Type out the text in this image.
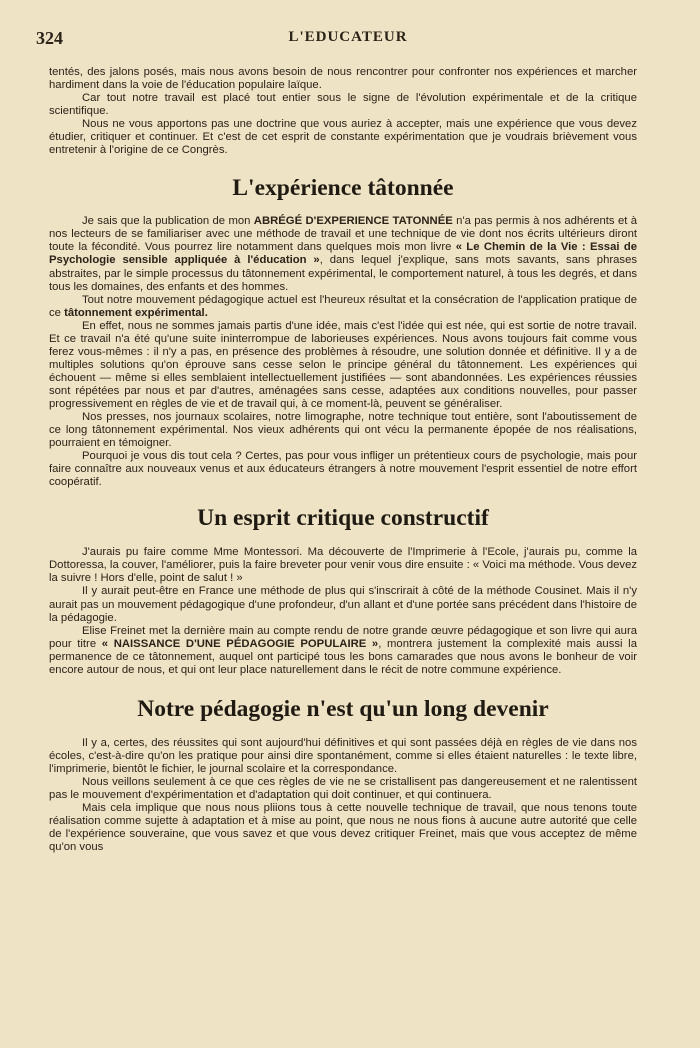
324	L'EDUCATEUR

tentés, des jalons posés, mais nous avons besoin de nous rencontrer pour confronter nos expériences et marcher hardiment dans la voie de l'éducation populaire laïque.

Car tout notre travail est placé tout entier sous le signe de l'évolution expérimentale et de la critique scientifique.

Nous ne vous apportons pas une doctrine que vous auriez à accepter, mais une expérience que vous devez étudier, critiquer et continuer. Et c'est de cet esprit de constante expérimentation que je voudrais brièvement vous entretenir à l'origine de ce Congrès.

L'expérience tâtonnée

Je sais que la publication de mon ABRÉGÉ D'EXPERIENCE TATONNÉE n'a pas permis à nos adhérents et à nos lecteurs de se familiariser avec une méthode de travail et une technique de vie dont nos écrits ultérieurs diront toute la fécondité. Vous pourrez lire notamment dans quelques mois mon livre « Le Chemin de la Vie : Essai de Psychologie sensible appliquée à l'éducation », dans lequel j'explique, sans mots savants, sans phrases abstraites, par le simple processus du tâtonnement expérimental, le comportement naturel, à tous les degrés, et dans tous les domaines, des enfants et des hommes.

Tout notre mouvement pédagogique actuel est l'heureux résultat et la consécration de l'application pratique de ce tâtonnement expérimental.

En effet, nous ne sommes jamais partis d'une idée, mais c'est l'idée qui est née, qui est sortie de notre travail. Et ce travail n'a été qu'une suite ininterrompue de laborieuses expériences. Nous avons toujours fait comme vous ferez vous-mêmes : il n'y a pas, en présence des problèmes à résoudre, une solution donnée et définitive. Il y a de multiples solutions qu'on éprouve sans cesse selon le principe général du tâtonnement. Les expériences qui échouent — même si elles semblaient intellectuellement justifiées — sont abandonnées. Les expériences réussies sont répétées par nous et par d'autres, aménagées sans cesse, adaptées aux conditions nouvelles, pour passer progressivement en règles de vie et de travail qui, à ce moment-là, peuvent se généraliser.

Nos presses, nos journaux scolaires, notre limographe, notre technique tout entière, sont l'aboutissement de ce long tâtonnement expérimental. Nos vieux adhérents qui ont vécu la permanente épopée de nos réalisations, pourraient en témoigner.

Pourquoi je vous dis tout cela ? Certes, pas pour vous infliger un prétentieux cours de psychologie, mais pour faire connaître aux nouveaux venus et aux éducateurs étrangers à notre mouvement l'esprit essentiel de notre effort coopératif.

Un esprit critique constructif

J'aurais pu faire comme Mme Montessori. Ma découverte de l'Imprimerie à l'Ecole, j'aurais pu, comme la Dottoressa, la couver, l'améliorer, puis la faire breveter pour venir vous dire ensuite : « Voici ma méthode. Vous devez la suivre ! Hors d'elle, point de salut ! »

Il y aurait peut-être en France une méthode de plus qui s'inscrirait à côté de la méthode Cousinet. Mais il n'y aurait pas un mouvement pédagogique d'une profondeur, d'un allant et d'une portée sans précédent dans l'histoire de la pédagogie.

Elise Freinet met la dernière main au compte rendu de notre grande œuvre pédagogique et son livre qui aura pour titre « NAISSANCE D'UNE PÉDAGOGIE POPULAIRE », montrera justement la complexité mais aussi la permanence de ce tâtonnement, auquel ont participé tous les bons camarades que nous avons le bonheur de voir encore autour de nous, et qui ont leur place naturellement dans le récit de notre commune expérience.

Notre pédagogie n'est qu'un long devenir

Il y a, certes, des réussites qui sont aujourd'hui définitives et qui sont passées déjà en règles de vie dans nos écoles, c'est-à-dire qu'on les pratique pour ainsi dire spontanément, comme si elles étaient naturelles : le texte libre, l'imprimerie, bientôt le fichier, le journal scolaire et la correspondance.

Nous veillons seulement à ce que ces règles de vie ne se cristallisent pas dangereusement et ne ralentissent pas le mouvement d'expérimentation et d'adaptation qui doit continuer, et qui continuera.

Mais cela implique que nous nous pliions tous à cette nouvelle technique de travail, que nous tenons toute réalisation comme sujette à adaptation et à mise au point, que nous ne nous fions à aucune autre autorité que celle de l'expérience souveraine, que vous savez et que vous devez critiquer Freinet, mais que vous acceptez de même qu'on vous
